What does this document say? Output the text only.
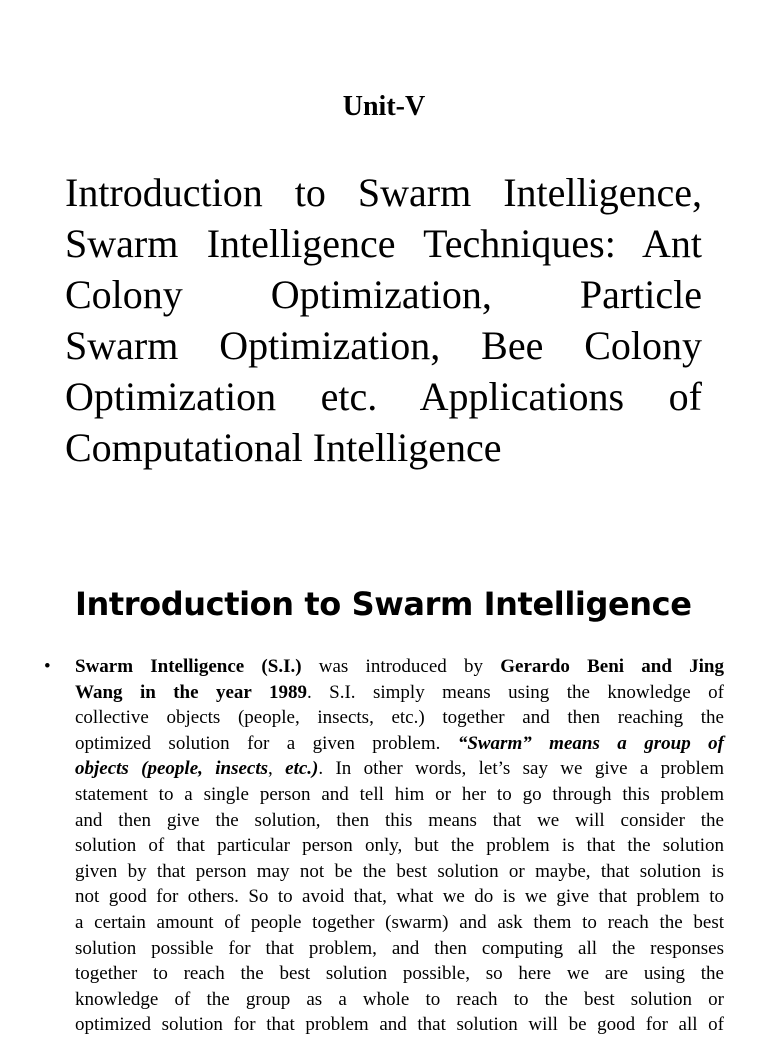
Unit-V
Introduction to Swarm Intelligence,
Swarm Intelligence Techniques: Ant
Colony Optimization, Particle
Swarm Optimization, Bee Colony
Optimization etc. Applications of
Computational Intelligence
Introduction to Swarm Intelligence
• Swarm Intelligence (S.I.) was introduced by Gerardo Beni and Jing
Wang in the year 1989. S.I. simply means using the knowledge of
collective objects (people, insects, etc.) together and then reaching the
optimized solution for a given problem. “Swarm” means a group of
objects (people, insects, etc.). In other words, let’s say we give a problem
statement to a single person and tell him or her to go through this problem
and then give the solution, then this means that we will consider the
solution of that particular person only, but the problem is that the solution
given by that person may not be the best solution or maybe, that solution is
not good for others. So to avoid that, what we do is we give that problem to
a certain amount of people together (swarm) and ask them to reach the best
solution possible for that problem, and then computing all the responses
together to reach the best solution possible, so here we are using the
knowledge of the group as a whole to reach to the best solution or
optimized solution for that problem and that solution will be good for all of
